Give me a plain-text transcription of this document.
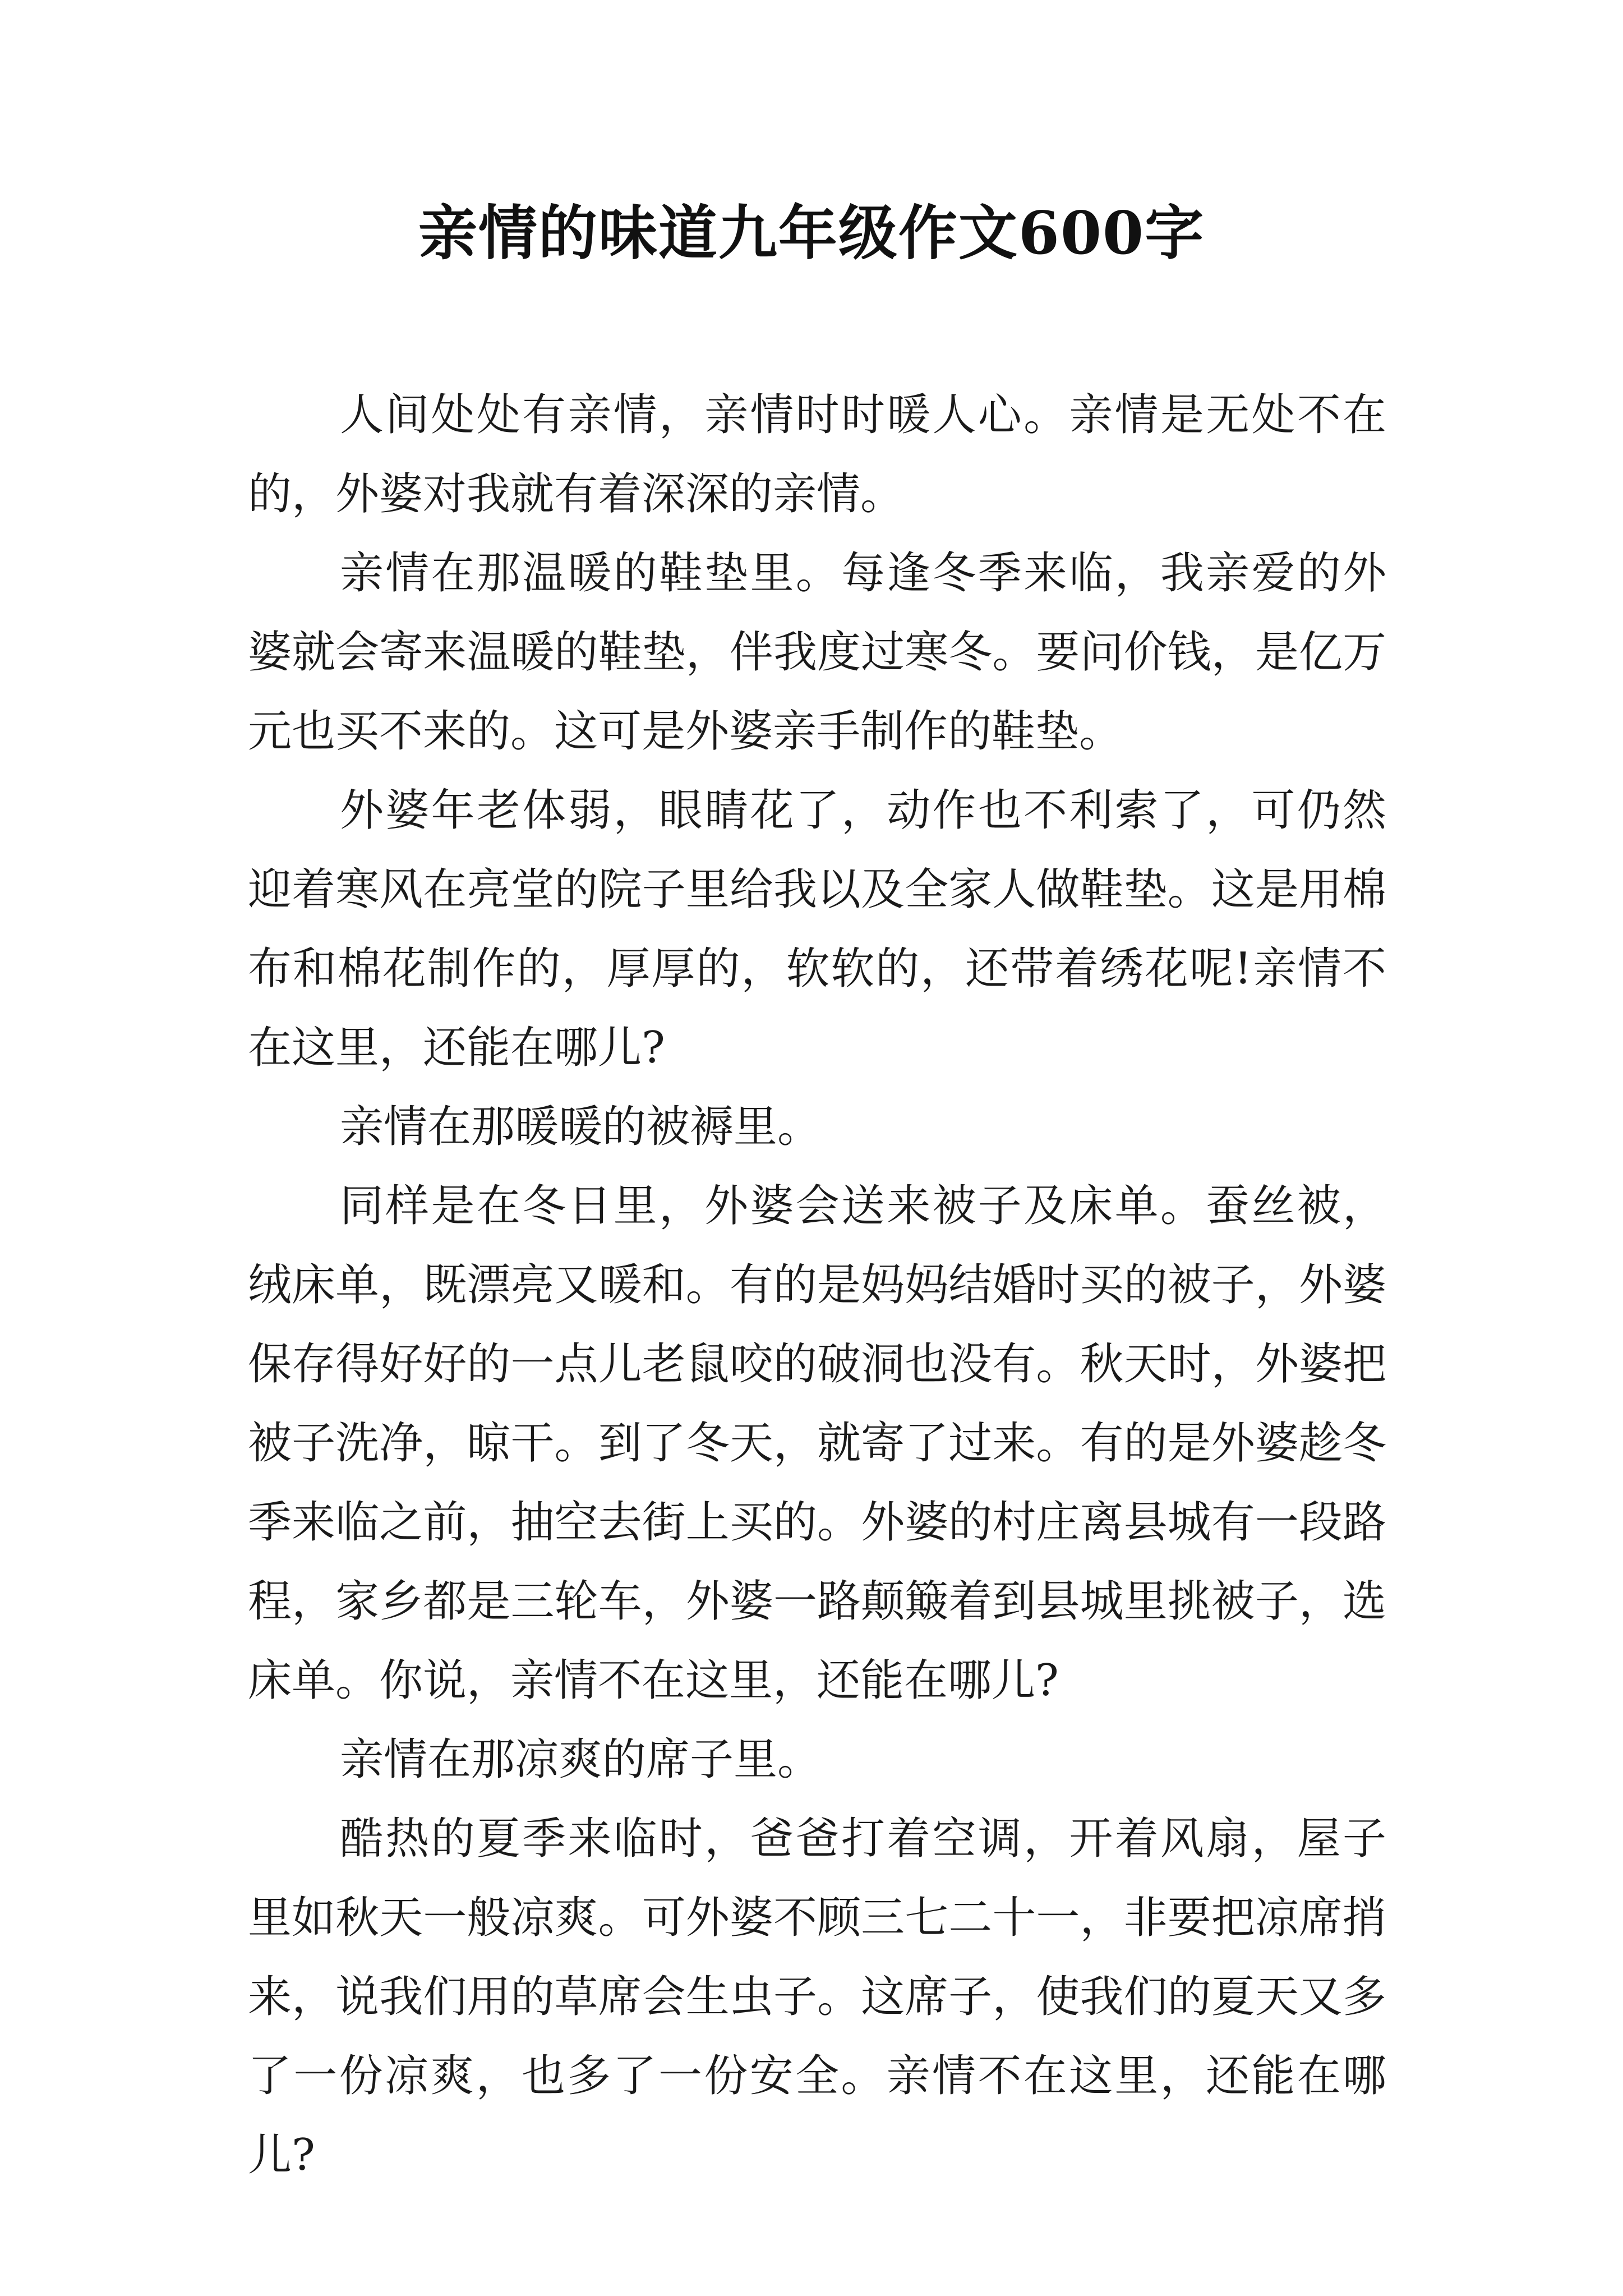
亲情的味道九年级作文600字

人间处处有亲情，亲情时时暖人心。亲情是无处不在的，外婆对我就有着深深的亲情。

亲情在那温暖的鞋垫里。每逢冬季来临，我亲爱的外婆就会寄来温暖的鞋垫，伴我度过寒冬。要问价钱，是亿万元也买不来的。这可是外婆亲手制作的鞋垫。

外婆年老体弱，眼睛花了，动作也不利索了，可仍然迎着寒风在亮堂的院子里给我以及全家人做鞋垫。这是用棉布和棉花制作的，厚厚的，软软的，还带着绣花呢!亲情不在这里，还能在哪儿?

亲情在那暖暖的被褥里。

同样是在冬日里，外婆会送来被子及床单。蚕丝被，绒床单，既漂亮又暖和。有的是妈妈结婚时买的被子，外婆保存得好好的一点儿老鼠咬的破洞也没有。秋天时，外婆把被子洗净，晾干。到了冬天，就寄了过来。有的是外婆趁冬季来临之前，抽空去街上买的。外婆的村庄离县城有一段路程，家乡都是三轮车，外婆一路颠簸着到县城里挑被子，选床单。你说，亲情不在这里，还能在哪儿?

亲情在那凉爽的席子里。

酷热的夏季来临时，爸爸打着空调，开着风扇，屋子里如秋天一般凉爽。可外婆不顾三七二十一，非要把凉席捎来，说我们用的草席会生虫子。这席子，使我们的夏天又多了一份凉爽，也多了一份安全。亲情不在这里，还能在哪儿?
